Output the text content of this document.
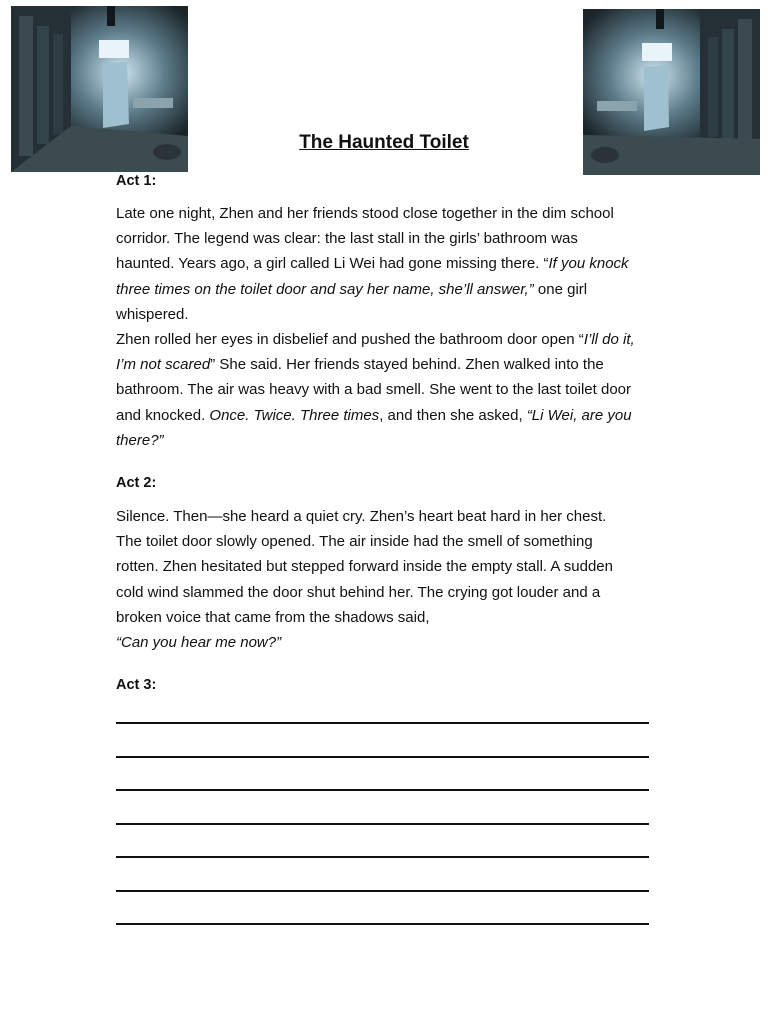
The Haunted Toilet
Act 1:
Late one night, Zhen and her friends stood close together in the dim school
corridor. The legend was clear: the last stall in the girls’ bathroom was
haunted. Years ago, a girl called Li Wei had gone missing there. “If you knock
three times on the toilet door and say her name, she’ll answer,” one girl
whispered.
Zhen rolled her eyes in disbelief and pushed the bathroom door open “I’ll do it,
I’m not scared” She said. Her friends stayed behind. Zhen walked into the
bathroom. The air was heavy with a bad smell. She went to the last toilet door
and knocked. Once. Twice. Three times, and then she asked, “Li Wei, are you
there?”
Act 2:
Silence. Then—she heard a quiet cry. Zhen’s heart beat hard in her chest.
The toilet door slowly opened. The air inside had the smell of something
rotten. Zhen hesitated but stepped forward inside the empty stall. A sudden
cold wind slammed the door shut behind her. The crying got louder and a
broken voice that came from the shadows said,
“Can you hear me now?”
Act 3:
